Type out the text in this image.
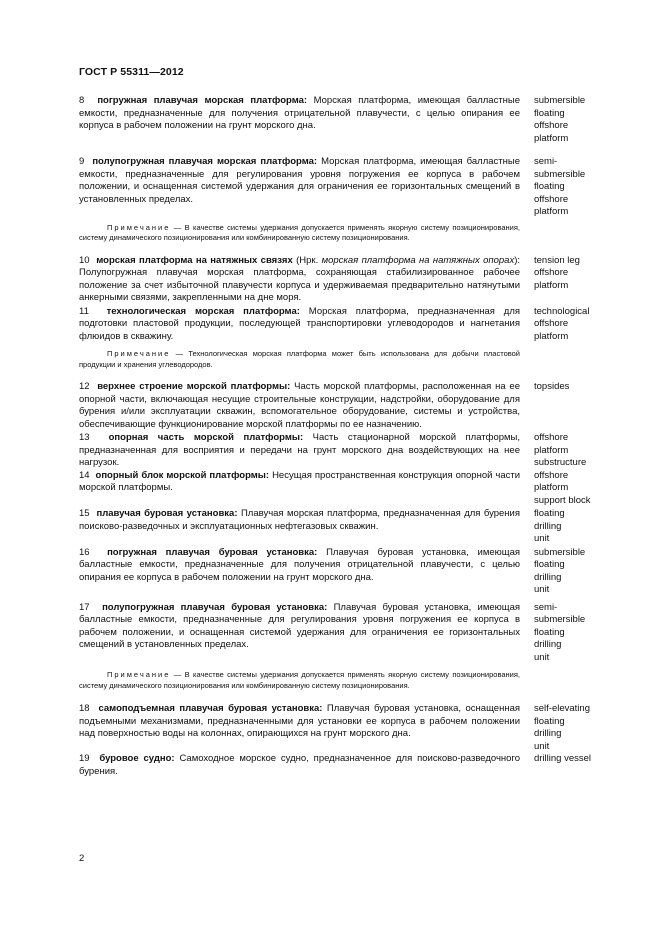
ГОСТ Р 55311—2012
8 погружная плавучая морская платформа: Морская платформа, имеющая балластные емкости, предназначенные для получения отрицательной плавучести, с целью опирания ее корпуса в рабочем положении на грунт морского дна.
submersible
floating
offshore
platform
9 полупогружная плавучая морская платформа: Морская платформа, имеющая балластные емкости, предназначенные для регулирования уровня погружения ее корпуса в рабочем положении, и оснащенная системой удержания для ограничения ее горизонтальных смещений в установленных пределах.
semi-
submersible
floating
offshore
platform
Примечание — В качестве системы удержания допускается применять якорную систему позиционирования, систему динамического позиционирования или комбинированную систему позиционирования.
10 морская платформа на натяжных связях (Нрк. морская платформа на натяжных опорах): Полупогружная плавучая морская платформа, сохраняющая стабилизированное рабочее положение за счет избыточной плавучести корпуса и удерживаемая предварительно натянутыми анкерными связями, закрепленными на дне моря.
tension leg
offshore
platform
11 технологическая морская платформа: Морская платформа, предназначенная для подготовки пластовой продукции, последующей транспортировки углеводородов и нагнетания флюидов в скважину.
technological
offshore
platform
Примечание — Технологическая морская платформа может быть использована для добычи пластовой продукции и хранения углеводородов.
12 верхнее строение морской платформы: Часть морской платформы, расположенная на ее опорной части, включающая несущие строительные конструкции, надстройки, оборудование для бурения и/или эксплуатации скважин, вспомогательное оборудование, системы и устройства, обеспечивающие функционирование морской платформы по ее назначению.
topsides
13 опорная часть морской платформы: Часть стационарной морской платформы, предназначенная для восприятия и передачи на грунт морского дна воздействующих на нее нагрузок.
offshore
platform
substructure
14 опорный блок морской платформы: Несущая пространственная конструкция опорной части морской платформы.
offshore
platform
support block
15 плавучая буровая установка: Плавучая морская платформа, предназначенная для бурения поисково-разведочных и эксплуатационных нефтегазовых скважин.
floating
drilling
unit
16 погружная плавучая буровая установка: Плавучая буровая установка, имеющая балластные емкости, предназначенные для получения отрицательной плавучести, с целью опирания ее корпуса в рабочем положении на грунт морского дна.
submersible
floating
drilling
unit
17 полупогружная плавучая буровая установка: Плавучая буровая установка, имеющая балластные емкости, предназначенные для регулирования уровня погружения ее корпуса в рабочем положении, и оснащенная системой удержания для ограничения ее горизонтальных смещений в установленных пределах.
semi-
submersible
floating
drilling
unit
Примечание — В качестве системы удержания допускается применять якорную систему позиционирования, систему динамического позиционирования или комбинированную систему позиционирования.
18 самоподъемная плавучая буровая установка: Плавучая буровая установка, оснащенная подъемными механизмами, предназначенными для установки ее корпуса в рабочем положении над поверхностью воды на колоннах, опирающихся на грунт морского дна.
self-elevating
floating
drilling
unit
19 буровое судно: Самоходное морское судно, предназначенное для поисково-разведочного бурения.
drilling vessel
2
